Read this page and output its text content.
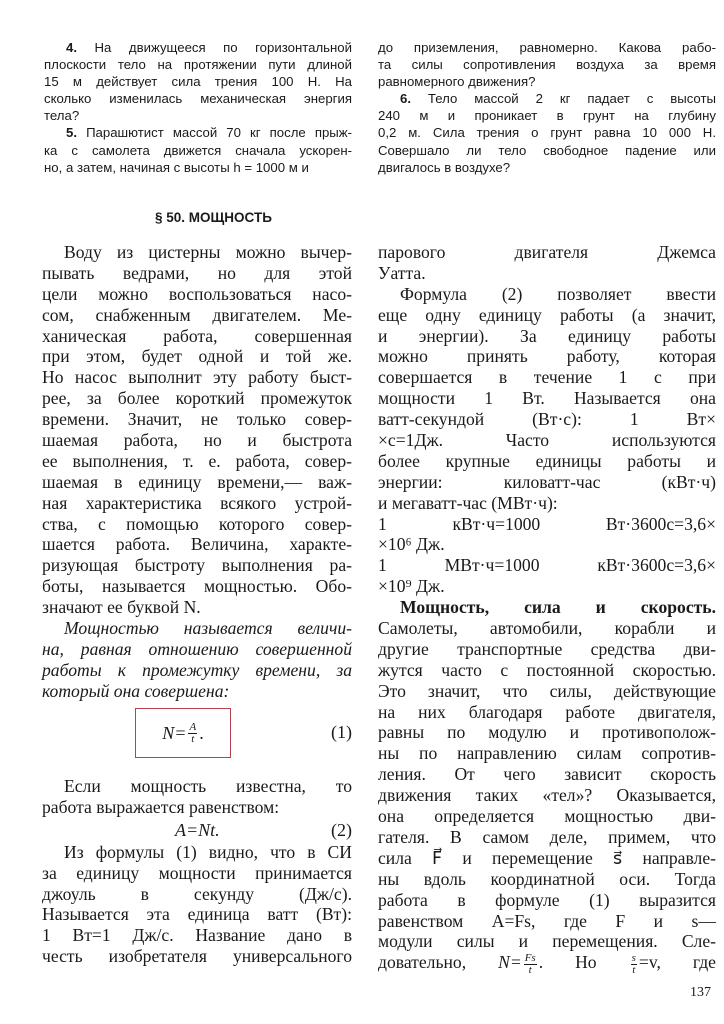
4. На движущееся по горизонтальной
плоскости тело на протяжении пути длиной
15 м действует сила трения 100 Н. На
сколько изменилась механическая энергия
тела?
5. Парашютист массой 70 кг после прыж-
ка с самолета движется сначала ускорен-
но, а затем, начиная с высоты h = 1000 м и
до приземления, равномерно. Какова рабо-
та силы сопротивления воздуха за время
равномерного движения?
6. Тело массой 2 кг падает с высоты
240 м и проникает в грунт на глубину
0,2 м. Сила трения о грунт равна 10 000 Н.
Совершало ли тело свободное падение или
двигалось в воздухе?
§ 50. МОЩНОСТЬ
Воду из цистерны можно вычер-
пывать ведрами, но для этой
цели можно воспользоваться насо-
сом, снабженным двигателем. Ме-
ханическая работа, совершенная
при этом, будет одной и той же.
Но насос выполнит эту работу быст-
рее, за более короткий промежуток
времени. Значит, не только совер-
шаемая работа, но и быстрота
ее выполнения, т. е. работа, совер-
шаемая в единицу времени,— важ-
ная характеристика всякого устрой-
ства, с помощью которого совер-
шается работа. Величина, характе-
ризующая быстроту выполнения ра-
боты, называется мощностью. Обо-
значают ее буквой N.
Мощностью называется величи-
на, равная отношению совершенной
работы к промежутку времени, за
который она совершена:
$N= \frac{A}{t}$ .	(1)
Если мощность известна, то
работа выражается равенством:
A=Nt.	(2)
Из формулы (1) видно, что в СИ
за единицу мощности принимается
джоуль в секунду (Дж/с).
Называется эта единица ватт (Вт):
1 Вт=1 Дж/с. Название дано в
честь изобретателя универсального
парового двигателя Джемса
Уатта.
Формула (2) позволяет ввести
еще одну единицу работы (а значит,
и энергии). За единицу работы
можно принять работу, которая
совершается в течение 1 с при
мощности 1 Вт. Называется она
ватт-секундой (Вт·с): 1 Вт×
×с=1Дж. Часто используются
более крупные единицы работы и
энергии: киловатт-час (кВт·ч)
и мегаватт-час (МВт·ч):
1 кВт·ч=1000 Вт·3600с=3,6×
×10⁶ Дж.
1 МВт·ч=1000 кВт·3600с=3,6×
×10⁹ Дж.
Мощность, сила и скорость.
Самолеты, автомобили, корабли и
другие транспортные средства дви-
жутся часто с постоянной скоростью.
Это значит, что силы, действующие
на них благодаря работе двигателя,
равны по модулю и противополож-
ны по направлению силам сопротив-
ления. От чего зависит скорость
движения таких «тел»? Оказывается,
она определяется мощностью дви-
гателя. В самом деле, примем, что
сила F⃗ и перемещение s⃗ направле-
ны вдоль координатной оси. Тогда
работа в формуле (1) выразится
равенством A=Fs, где F и s—
модули силы и перемещения. Сле-
довательно, $N= \frac{Fs}{t}$ . Но	$\frac{s}{t} =v$, где
137
